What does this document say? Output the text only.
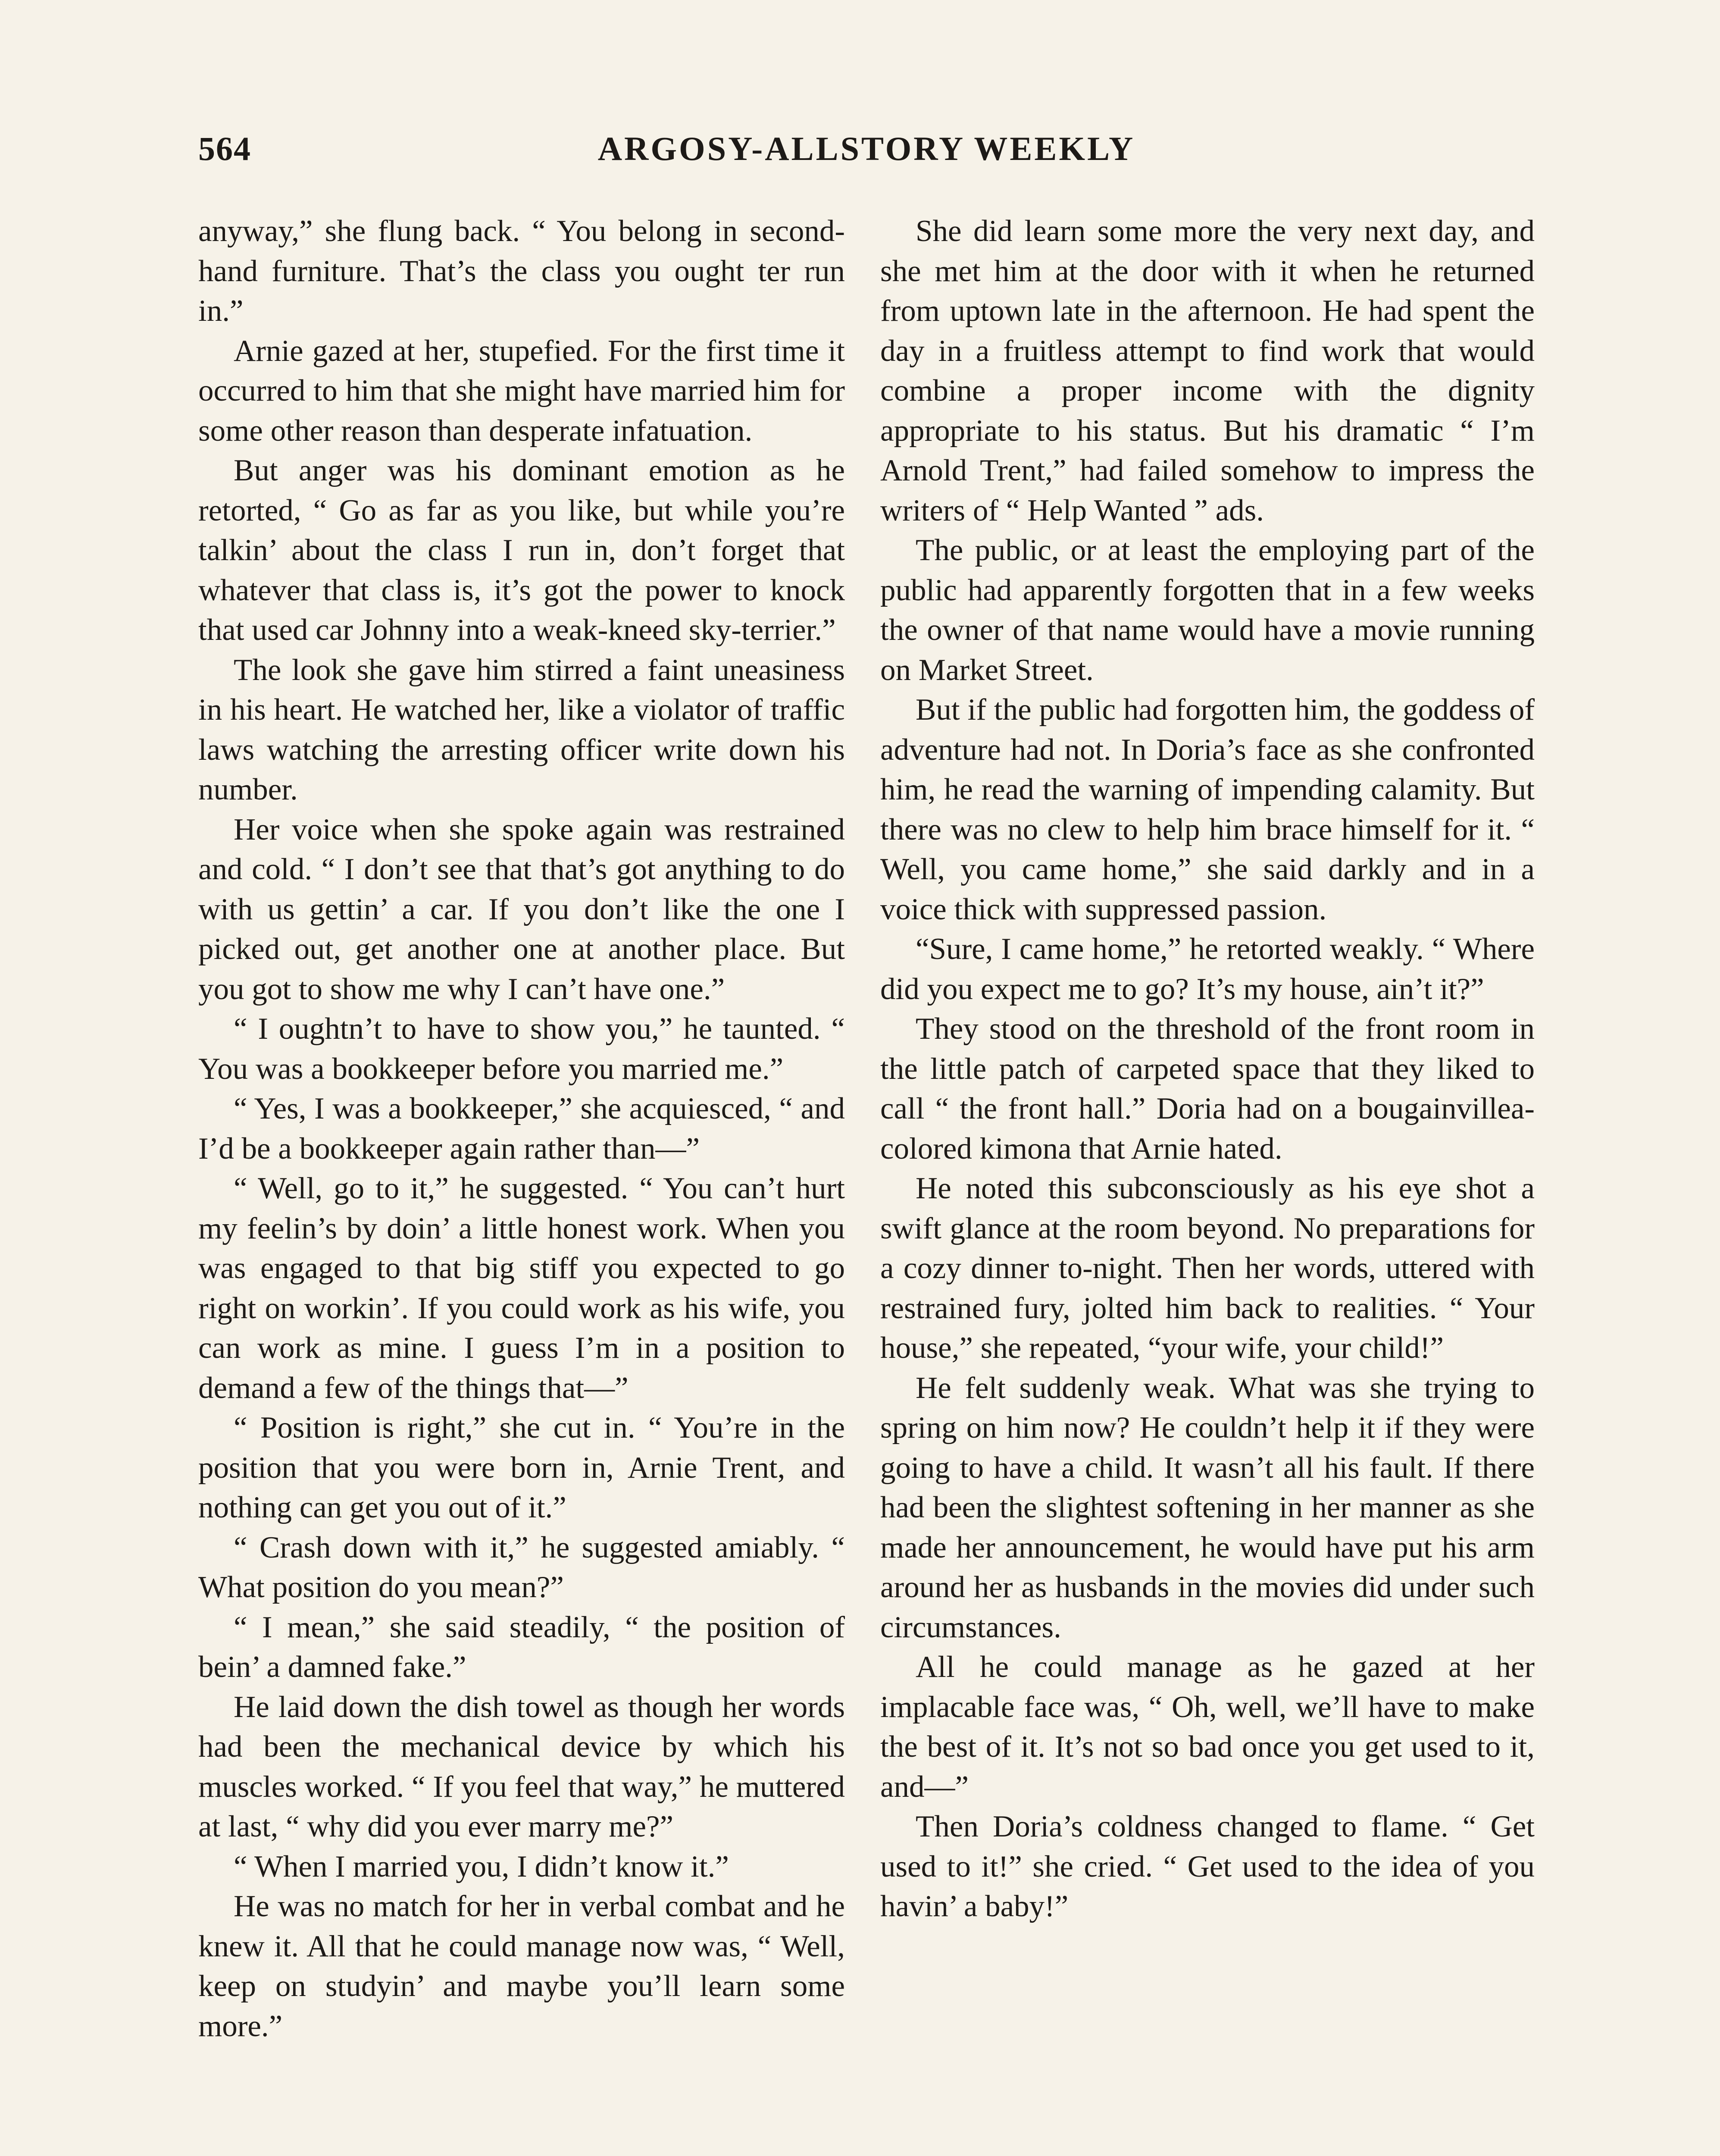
564	ARGOSY-ALLSTORY WEEKLY

anyway,” she flung back. “ You belong in second-hand furniture. That’s the class you ought ter run in.”

Arnie gazed at her, stupefied. For the first time it occurred to him that she might have married him for some other reason than desperate infatuation.

But anger was his dominant emotion as he retorted, “ Go as far as you like, but while you’re talkin’ about the class I run in, don’t forget that whatever that class is, it’s got the power to knock that used car Johnny into a weak-kneed sky-terrier.”

The look she gave him stirred a faint uneasiness in his heart. He watched her, like a violator of traffic laws watching the arresting officer write down his number.

Her voice when she spoke again was restrained and cold. “ I don’t see that that’s got anything to do with us gettin’ a car. If you don’t like the one I picked out, get another one at another place. But you got to show me why I can’t have one.”

“ I oughtn’t to have to show you,” he taunted. “ You was a bookkeeper before you married me.”

“ Yes, I was a bookkeeper,” she acquiesced, “ and I’d be a bookkeeper again rather than—”

“ Well, go to it,” he suggested. “ You can’t hurt my feelin’s by doin’ a little honest work. When you was engaged to that big stiff you expected to go right on workin’. If you could work as his wife, you can work as mine. I guess I’m in a position to demand a few of the things that—”

“ Position is right,” she cut in. “ You’re in the position that you were born in, Arnie Trent, and nothing can get you out of it.”

“ Crash down with it,” he suggested amiably. “ What position do you mean?”

“ I mean,” she said steadily, “ the position of bein’ a damned fake.”

He laid down the dish towel as though her words had been the mechanical device by which his muscles worked. “ If you feel that way,” he muttered at last, “ why did you ever marry me?”

“ When I married you, I didn’t know it.”

He was no match for her in verbal combat and he knew it. All that he could manage now was, “ Well, keep on studyin’ and maybe you’ll learn some more.”

She did learn some more the very next day, and she met him at the door with it when he returned from uptown late in the afternoon. He had spent the day in a fruitless attempt to find work that would combine a proper income with the dignity appropriate to his status. But his dramatic “ I’m Arnold Trent,” had failed somehow to impress the writers of “ Help Wanted ” ads.

The public, or at least the employing part of the public had apparently forgotten that in a few weeks the owner of that name would have a movie running on Market Street.

But if the public had forgotten him, the goddess of adventure had not. In Doria’s face as she confronted him, he read the warning of impending calamity. But there was no clew to help him brace himself for it. “ Well, you came home,” she said darkly and in a voice thick with suppressed passion.

“Sure, I came home,” he retorted weakly. “ Where did you expect me to go? It’s my house, ain’t it?”

They stood on the threshold of the front room in the little patch of carpeted space that they liked to call “ the front hall.” Doria had on a bougainvillea-colored kimona that Arnie hated.

He noted this subconsciously as his eye shot a swift glance at the room beyond. No preparations for a cozy dinner to-night. Then her words, uttered with restrained fury, jolted him back to realities. “ Your house,” she repeated, “your wife, your child!”

He felt suddenly weak. What was she trying to spring on him now? He couldn’t help it if they were going to have a child. It wasn’t all his fault. If there had been the slightest softening in her manner as she made her announcement, he would have put his arm around her as husbands in the movies did under such circumstances.

All he could manage as he gazed at her implacable face was, “ Oh, well, we’ll have to make the best of it. It’s not so bad once you get used to it, and—”

Then Doria’s coldness changed to flame. “ Get used to it!” she cried. “ Get used to the idea of you havin’ a baby!”
